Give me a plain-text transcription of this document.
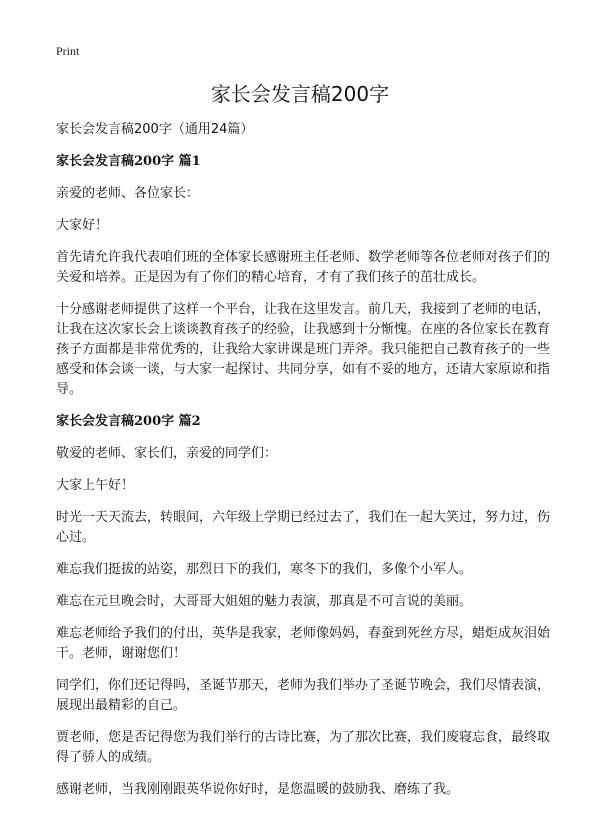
Print
家长会发言稿200字

家长会发言稿200字（通用24篇）

家长会发言稿200字 篇1

亲爱的老师、各位家长：

大家好！

首先请允许我代表咱们班的全体家长感谢班主任老师、数学老师等各位老师对孩子们的关爱和培养。正是因为有了你们的精心培育，才有了我们孩子的茁壮成长。

十分感谢老师提供了这样一个平台，让我在这里发言。前几天，我接到了老师的电话，让我在这次家长会上谈谈教育孩子的经验，让我感到十分惭愧。在座的各位家长在教育孩子方面都是非常优秀的，让我给大家讲课是班门弄斧。我只能把自己教育孩子的一些感受和体会谈一谈，与大家一起探讨、共同分享，如有不妥的地方，还请大家原谅和指导。

家长会发言稿200字 篇2

敬爱的老师、家长们，亲爱的同学们：

大家上午好！

时光一天天流去，转眼间，六年级上学期已经过去了，我们在一起大笑过，努力过，伤心过。

难忘我们挺拔的站姿，那烈日下的我们，寒冬下的我们，多像个小军人。

难忘在元旦晚会时，大哥哥大姐姐的魅力表演，那真是不可言说的美丽。

难忘老师给予我们的付出，英华是我家，老师像妈妈，春蚕到死丝方尽，蜡炬成灰泪始干。老师，谢谢您们！

同学们，你们还记得吗，圣诞节那天，老师为我们举办了圣诞节晚会，我们尽情表演，展现出最精彩的自己。

贾老师，您是否记得您为我们举行的古诗比赛，为了那次比赛，我们废寝忘食，最终取得了骄人的成绩。

感谢老师，当我刚刚跟英华说你好时，是您温暖的鼓励我、磨练了我。
